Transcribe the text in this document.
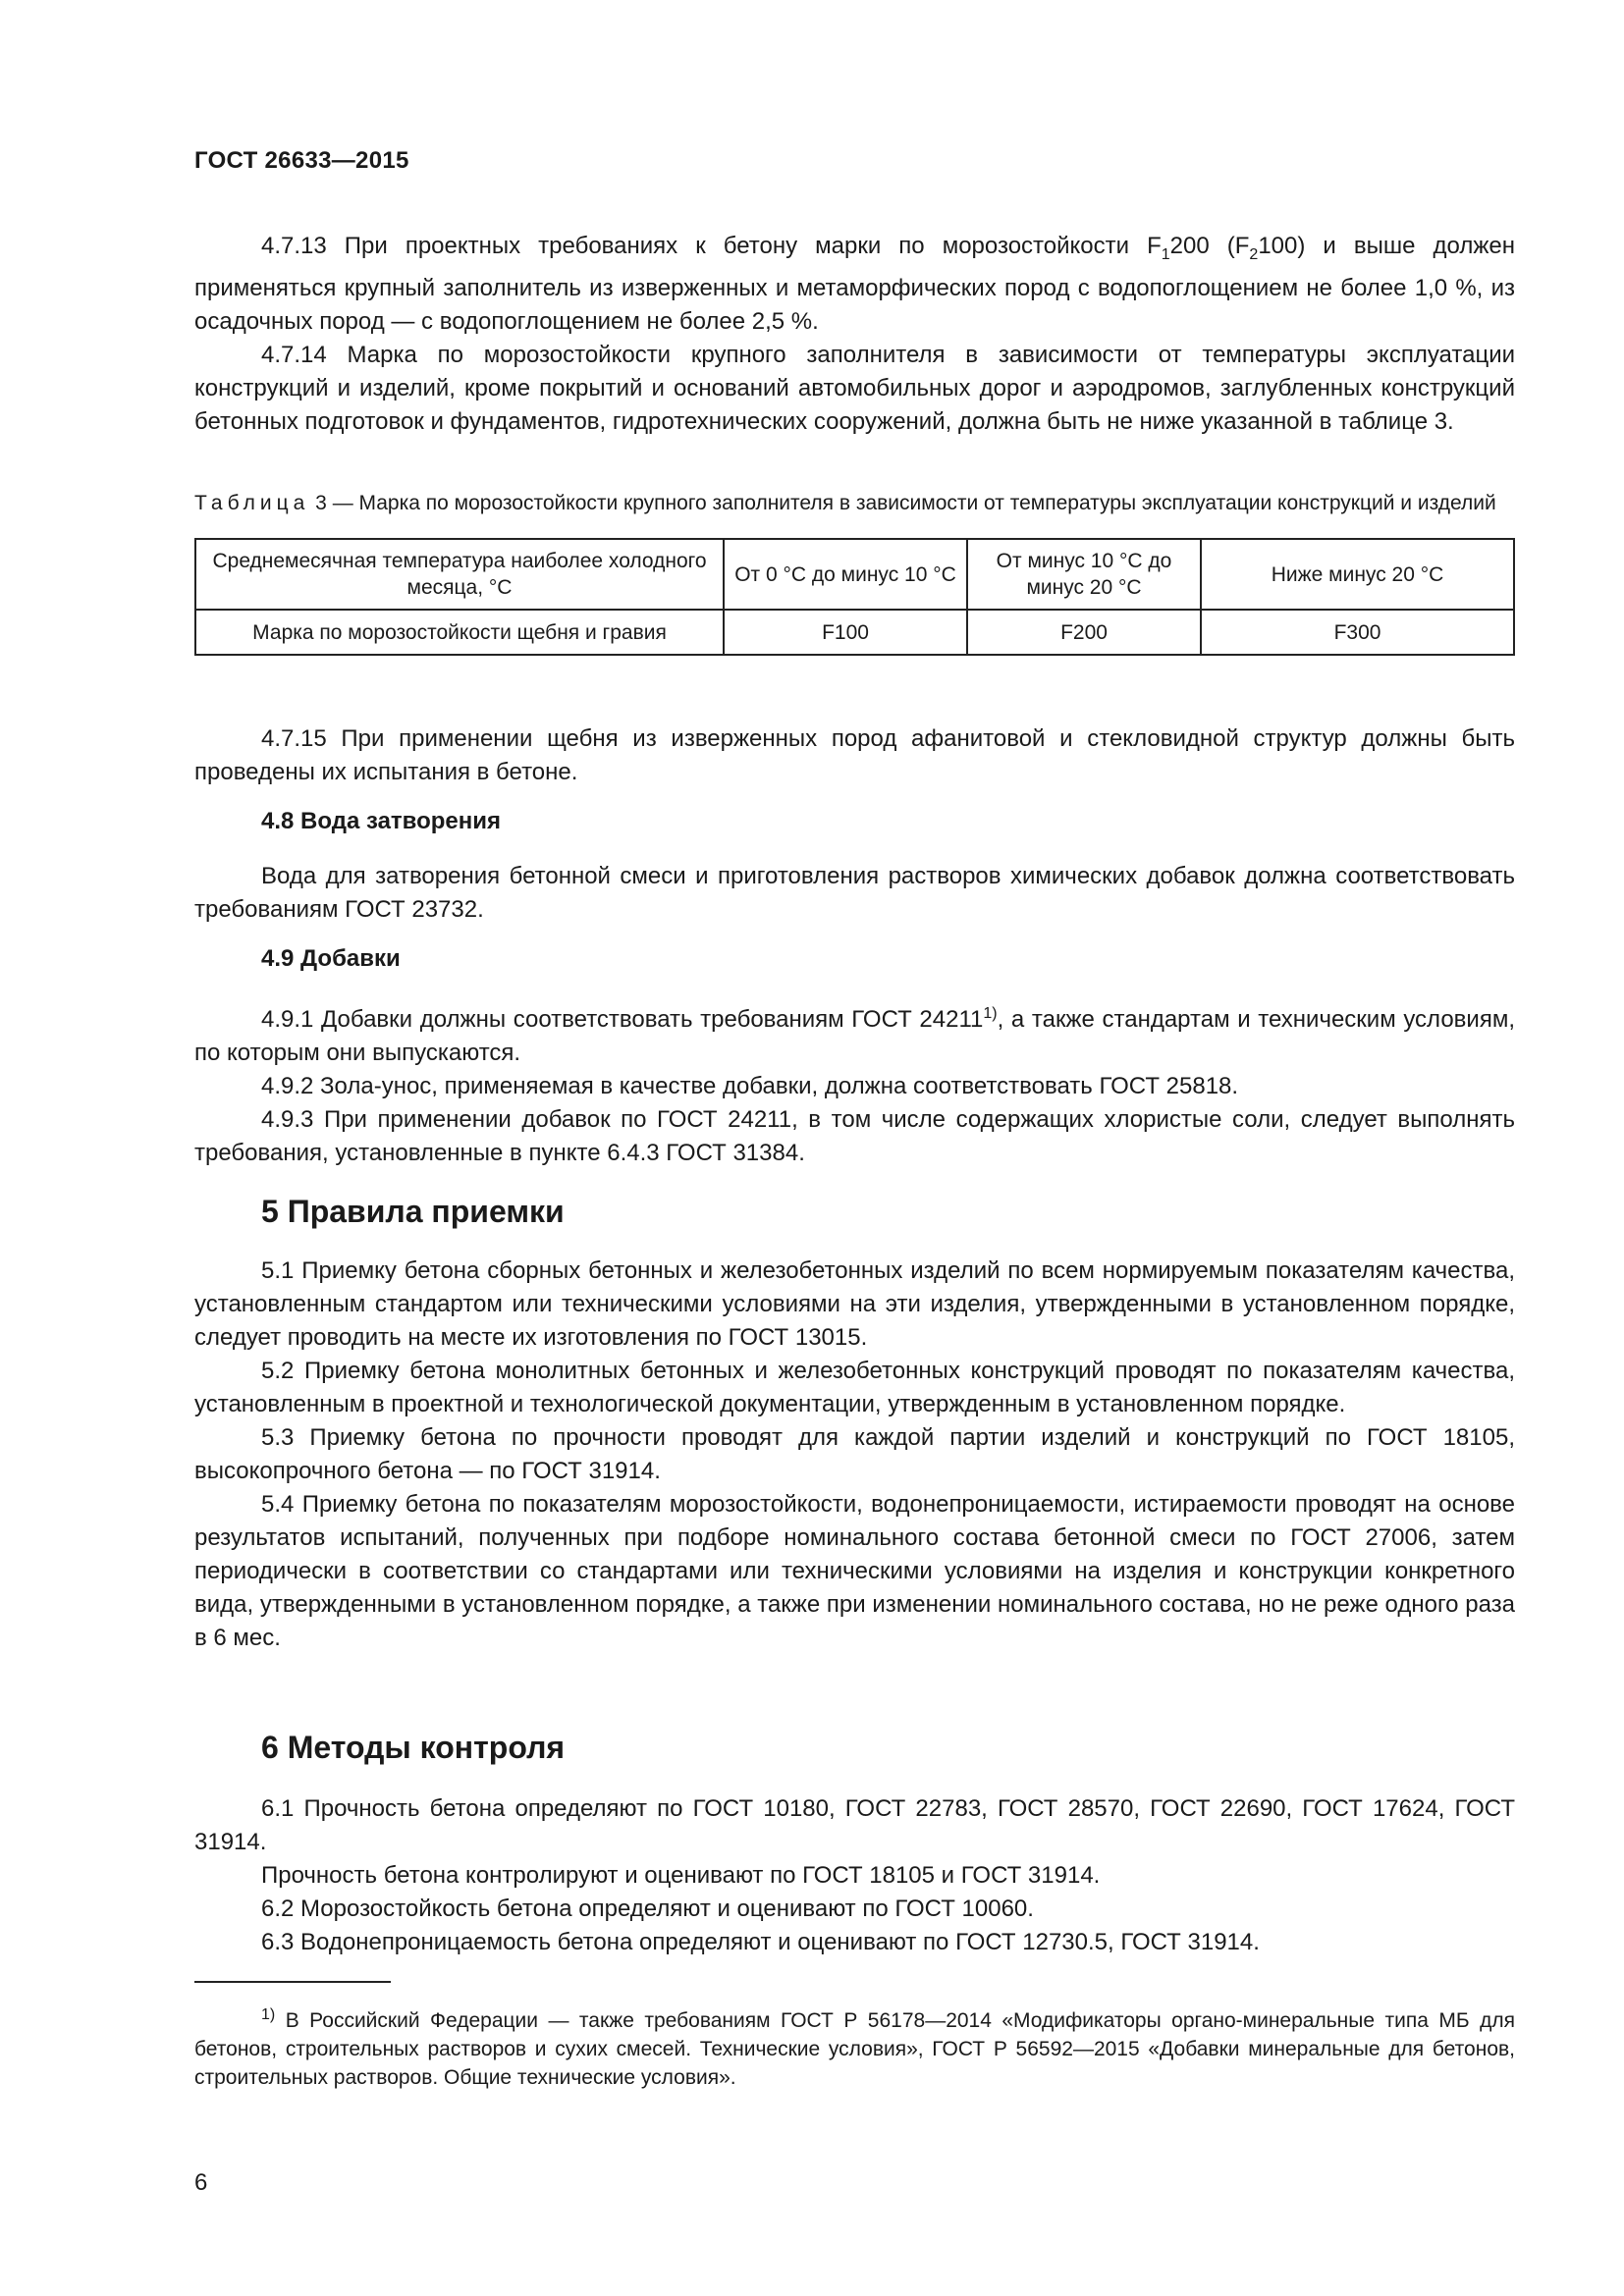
ГОСТ 26633—2015

4.7.13 При проектных требованиях к бетону марки по морозостойкости $F_1200$ $(F_2100)$ и выше должен применяться крупный заполнитель из изверженных и метаморфических пород с водопоглощением не более 1,0 %, из осадочных пород — с водопоглощением не более 2,5 %.

4.7.14 Марка по морозостойкости крупного заполнителя в зависимости от температуры эксплуатации конструкций и изделий, кроме покрытий и оснований автомобильных дорог и аэродромов, заглубленных конструкций бетонных подготовок и фундаментов, гидротехнических сооружений, должна быть не ниже указанной в таблице 3.

Таблица 3 — Марка по морозостойкости крупного заполнителя в зависимости от температуры эксплуатации конструкций и изделий
Среднемесячная температура наиболее холодного месяца, °С	От 0 °С до минус 10 °С	От минус 10 °С до минус 20 °С	Ниже минус 20 °С
Марка по морозостойкости щебня и гравия	F100	F200	F300

4.7.15 При применении щебня из изверженных пород афанитовой и стекловидной структур должны быть проведены их испытания в бетоне.

4.8 Вода затворения

Вода для затворения бетонной смеси и приготовления растворов химических добавок должна соответствовать требованиям ГОСТ 23732.

4.9 Добавки

4.9.1 Добавки должны соответствовать требованиям ГОСТ 24211$^{1)}$, а также стандартам и техническим условиям, по которым они выпускаются.

4.9.2 Зола-унос, применяемая в качестве добавки, должна соответствовать ГОСТ 25818.

4.9.3 При применении добавок по ГОСТ 24211, в том числе содержащих хлористые соли, следует выполнять требования, установленные в пункте 6.4.3 ГОСТ 31384.

5 Правила приемки

5.1 Приемку бетона сборных бетонных и железобетонных изделий по всем нормируемым показателям качества, установленным стандартом или техническими условиями на эти изделия, утвержденными в установленном порядке, следует проводить на месте их изготовления по ГОСТ 13015.

5.2 Приемку бетона монолитных бетонных и железобетонных конструкций проводят по показателям качества, установленным в проектной и технологической документации, утвержденным в установленном порядке.

5.3 Приемку бетона по прочности проводят для каждой партии изделий и конструкций по ГОСТ 18105, высокопрочного бетона — по ГОСТ 31914.

5.4 Приемку бетона по показателям морозостойкости, водонепроницаемости, истираемости проводят на основе результатов испытаний, полученных при подборе номинального состава бетонной смеси по ГОСТ 27006, затем периодически в соответствии со стандартами или техническими условиями на изделия и конструкции конкретного вида, утвержденными в установленном порядке, а также при изменении номинального состава, но не реже одного раза в 6 мес.

6 Методы контроля

6.1 Прочность бетона определяют по ГОСТ 10180, ГОСТ 22783, ГОСТ 28570, ГОСТ 22690, ГОСТ 17624, ГОСТ 31914.

Прочность бетона контролируют и оценивают по ГОСТ 18105 и ГОСТ 31914.

6.2 Морозостойкость бетона определяют и оценивают по ГОСТ 10060.

6.3 Водонепроницаемость бетона определяют и оценивают по ГОСТ 12730.5, ГОСТ 31914.

$^{1)}$ В Российский Федерации — также требованиям ГОСТ Р 56178—2014 «Модификаторы органо-минеральные типа МБ для бетонов, строительных растворов и сухих смесей. Технические условия», ГОСТ Р 56592—2015 «Добавки минеральные для бетонов, строительных растворов. Общие технические условия».

6
